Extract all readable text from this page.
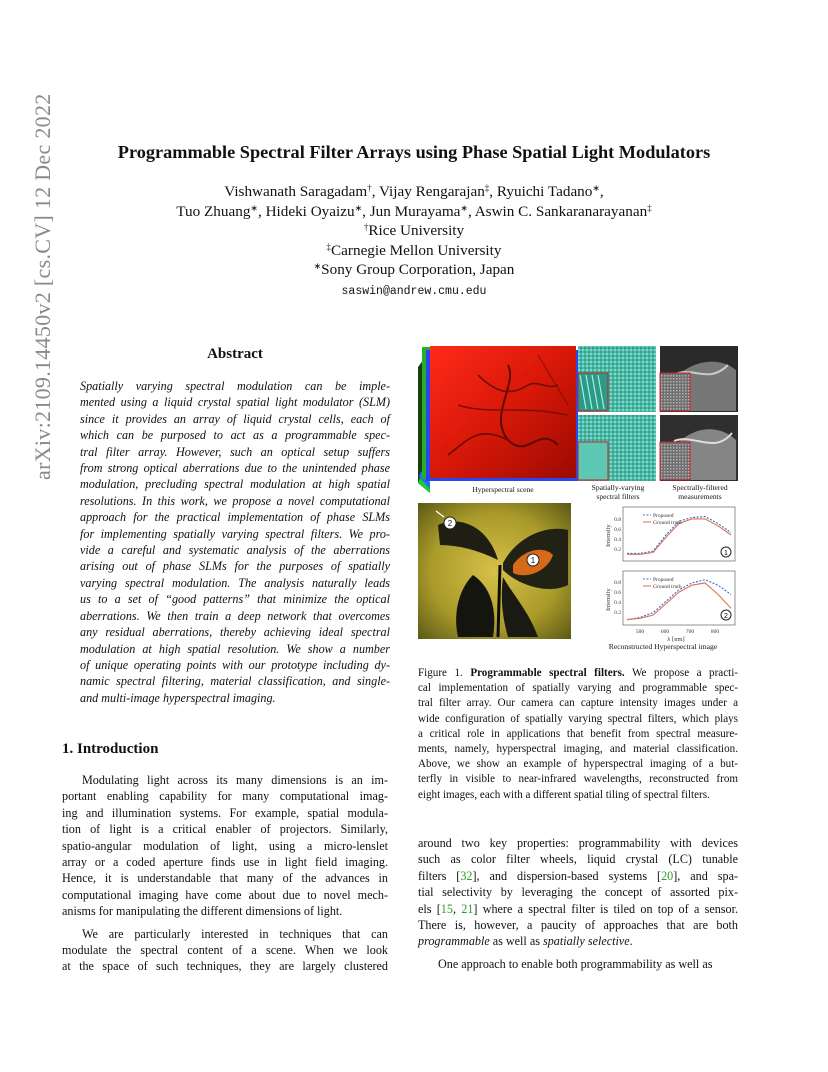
arXiv:2109.14450v2 [cs.CV] 12 Dec 2022	Programmable Spectral Filter Arrays using Phase Spatial Light Modulators
Vishwanath Saragadam†, Vijay Rengarajan‡, Ryuichi Tadano∗,
Tuo Zhuang∗, Hideki Oyaizu∗, Jun Murayama∗, Aswin C. Sankaranarayanan‡
†Rice University
‡Carnegie Mellon University
∗Sony Group Corporation, Japan
saswin@andrew.cmu.edu
Abstract
Spatially varying spectral modulation can be imple-
mented using a liquid crystal spatial light modulator (SLM)
since it provides an array of liquid crystal cells, each of
which can be purposed to act as a programmable spec-
tral filter array. However, such an optical setup suffers
from strong optical aberrations due to the unintended phase
modulation, precluding spectral modulation at high spatial
resolutions. In this work, we propose a novel computational
approach for the practical implementation of phase SLMs
for implementing spatially varying spectral filters. We pro-
vide a careful and systematic analysis of the aberrations
arising out of phase SLMs for the purposes of spatially
varying spectral modulation. The analysis naturally leads
us to a set of “good patterns” that minimize the optical
aberrations. We then train a deep network that overcomes
any residual aberrations, thereby achieving ideal spectral
modulation at high spatial resolution. We show a number
of unique operating points with our prototype including dy-
namic spectral filtering, material classification, and single-
and multi-image hyperspectral imaging.
1. Introduction
Modulating light across its many dimensions is an im-
portant enabling capability for many computational imag-
ing and illumination systems. For example, spatial modula-
tion of light is a critical enabler of projectors. Similarly,
spatio-angular modulation of light, using a micro-lenslet
array or a coded aperture finds use in light field imaging.
Hence, it is understandable that many of the advances in
computational imaging have come about due to novel mech-
anisms for manipulating the different dimensions of light.
We are particularly interested in techniques that can
modulate the spectral content of a scene. When we look
at the space of such techniques, they are largely clustered
2
1
Proposed
Ground truth
1
Proposed
Ground truth
2
0.8
0.6
0.4
0.2
0.8
0.6
0.4
0.2
Intensity
Intensity
500	600	700	800
λ [nm]
Hyperspectral scene	Spatially-varying
spectral filters
Spectrally-filtered
measurements
Reconstructed Hyperspectral image
Figure 1. Programmable spectral filters. We propose a practi-
cal implementation of spatially varying and programmable spec-
tral filter array. Our camera can capture intensity images under a
wide configuration of spatially varying spectral filters, which plays
a critical role in applications that benefit from spectral measure-
ments, namely, hyperspectral imaging, and material classification.
Above, we show an example of hyperspectral imaging of a but-
terfly in visible to near-infrared wavelengths, reconstructed from
eight images, each with a different spatial tiling of spectral filters.
around two key properties: programmability with devices
such as color filter wheels, liquid crystal (LC) tunable
filters [32], and dispersion-based systems [20], and spa-
tial selectivity by leveraging the concept of assorted pix-
els [15, 21] where a spectral filter is tiled on top of a sensor.
There is, however, a paucity of approaches that are both
programmable as well as spatially selective.
One approach to enable both programmability as well as
